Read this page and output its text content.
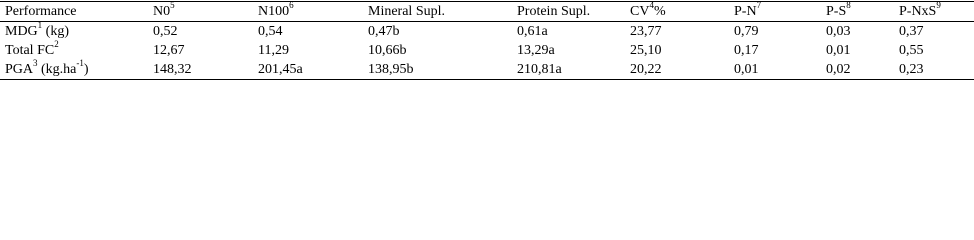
Performance	$N0^5$	$N100^6$	Mineral Supl.	Protein Supl.	$CV^4\%$	$P-N^7$	$P-S^8$	P-NxS$^9$
MDG$^1$ (kg)	0,52	0,54	0,47b	0,61a	23,77	0,79	0,03	0,37
Total $FC^2$	12,67	11,29	10,66b	13,29a	25,10	0,17	0,01	0,55
PGA$^3$ $(kg.ha^{-1})$	148,32	201,45a	138,95b	210,81a	20,22	0,01	0,02	0,23
